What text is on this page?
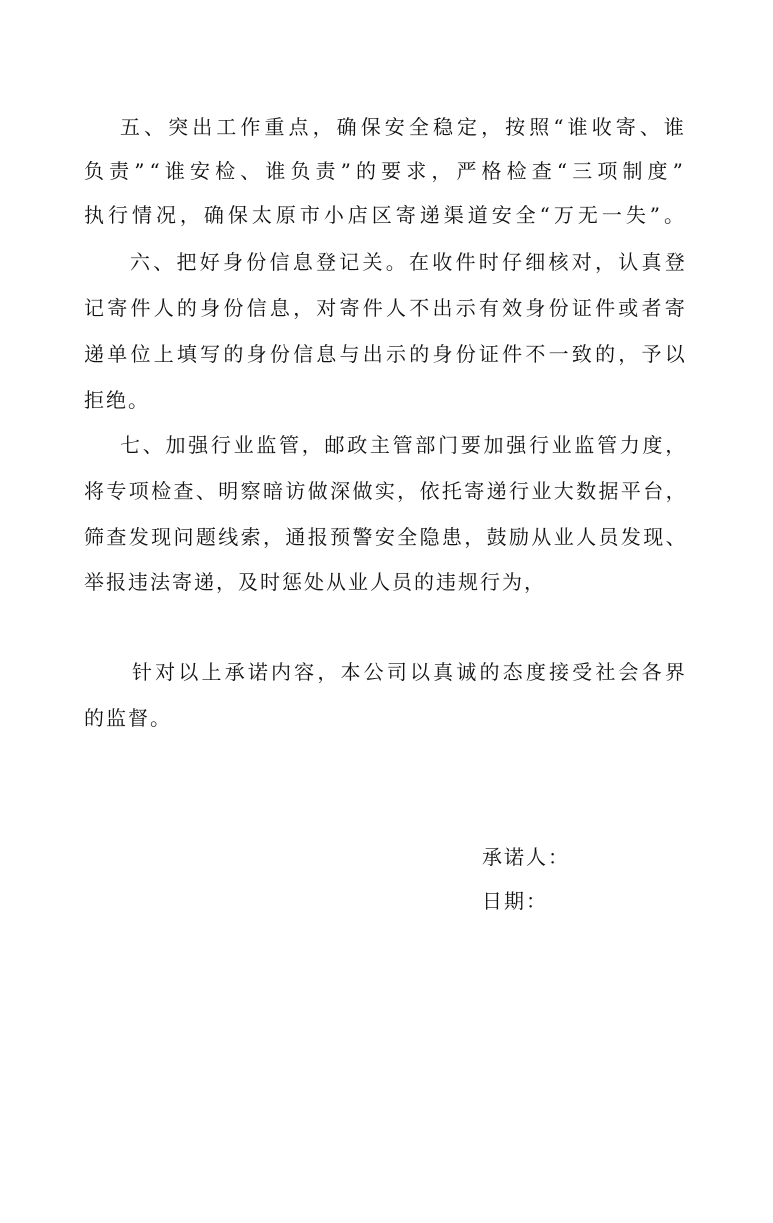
五、突出工作重点，确保安全稳定，按照“谁收寄、谁
负责”“谁安检、谁负责”的要求，严格检查“三项制度”
执行情况，确保太原市小店区寄递渠道安全“万无一失”。
六、把好身份信息登记关。在收件时仔细核对，认真登
记寄件人的身份信息，对寄件人不出示有效身份证件或者寄
递单位上填写的身份信息与出示的身份证件不一致的，予以
拒绝。
七、加强行业监管，邮政主管部门要加强行业监管力度，
将专项检查、明察暗访做深做实，依托寄递行业大数据平台，
筛查发现问题线索，通报预警安全隐患，鼓励从业人员发现、
举报违法寄递，及时惩处从业人员的违规行为，
针对以上承诺内容，本公司以真诚的态度接受社会各界
的监督。
承诺人：
日期：
